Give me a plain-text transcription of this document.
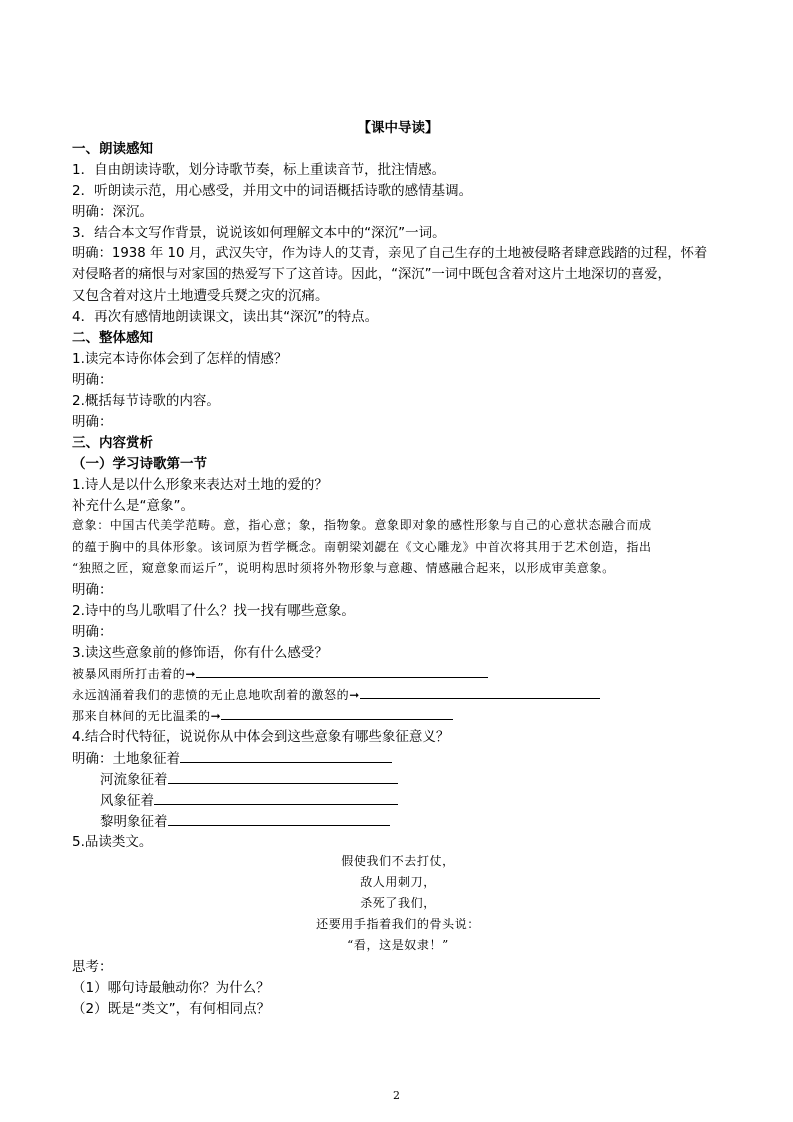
【课中导读】
一、朗读感知
1．自由朗读诗歌，划分诗歌节奏，标上重读音节，批注情感。
2．听朗读示范，用心感受，并用文中的词语概括诗歌的感情基调。
明确：深沉。
3．结合本文写作背景，说说该如何理解文本中的“深沉”一词。
明确：1938 年 10 月，武汉失守，作为诗人的艾青，亲见了自己生存的土地被侵略者肆意践踏的过程，怀着
对侵略者的痛恨与对家国的热爱写下了这首诗。因此，“深沉”一词中既包含着对这片土地深切的喜爱，
又包含着对这片土地遭受兵燹之灾的沉痛。
4．再次有感情地朗读课文，读出其“深沉”的特点。
二、整体感知
1.读完本诗你体会到了怎样的情感？
明确：
2.概括每节诗歌的内容。
明确：
三、内容赏析
（一）学习诗歌第一节
1.诗人是以什么形象来表达对土地的爱的？
补充什么是“意象”。
意象：中国古代美学范畴。意，指心意；象，指物象。意象即对象的感性形象与自己的心意状态融合而成
的蕴于胸中的具体形象。该词原为哲学概念。南朝梁刘勰在《文心雕龙》中首次将其用于艺术创造，指出
“独照之匠，窥意象而运斤”，说明构思时须将外物形象与意趣、情感融合起来，以形成审美意象。
明确：
2.诗中的鸟儿歌唱了什么？找一找有哪些意象。
明确：
3.读这些意象前的修饰语，你有什么感受？
被暴风雨所打击着的➞
永远汹涌着我们的悲愤的无止息地吹刮着的激怒的➞
那来自林间的无比温柔的➞
4.结合时代特征，说说你从中体会到这些意象有哪些象征意义？
明确：土地象征着
河流象征着
风象征着
黎明象征着
5.品读类文。
假使我们不去打仗，
敌人用刺刀，
杀死了我们，
还要用手指着我们的骨头说：
“看，这是奴隶！”
思考：
（1）哪句诗最触动你？为什么？
（2）既是“类文”，有何相同点？
2
